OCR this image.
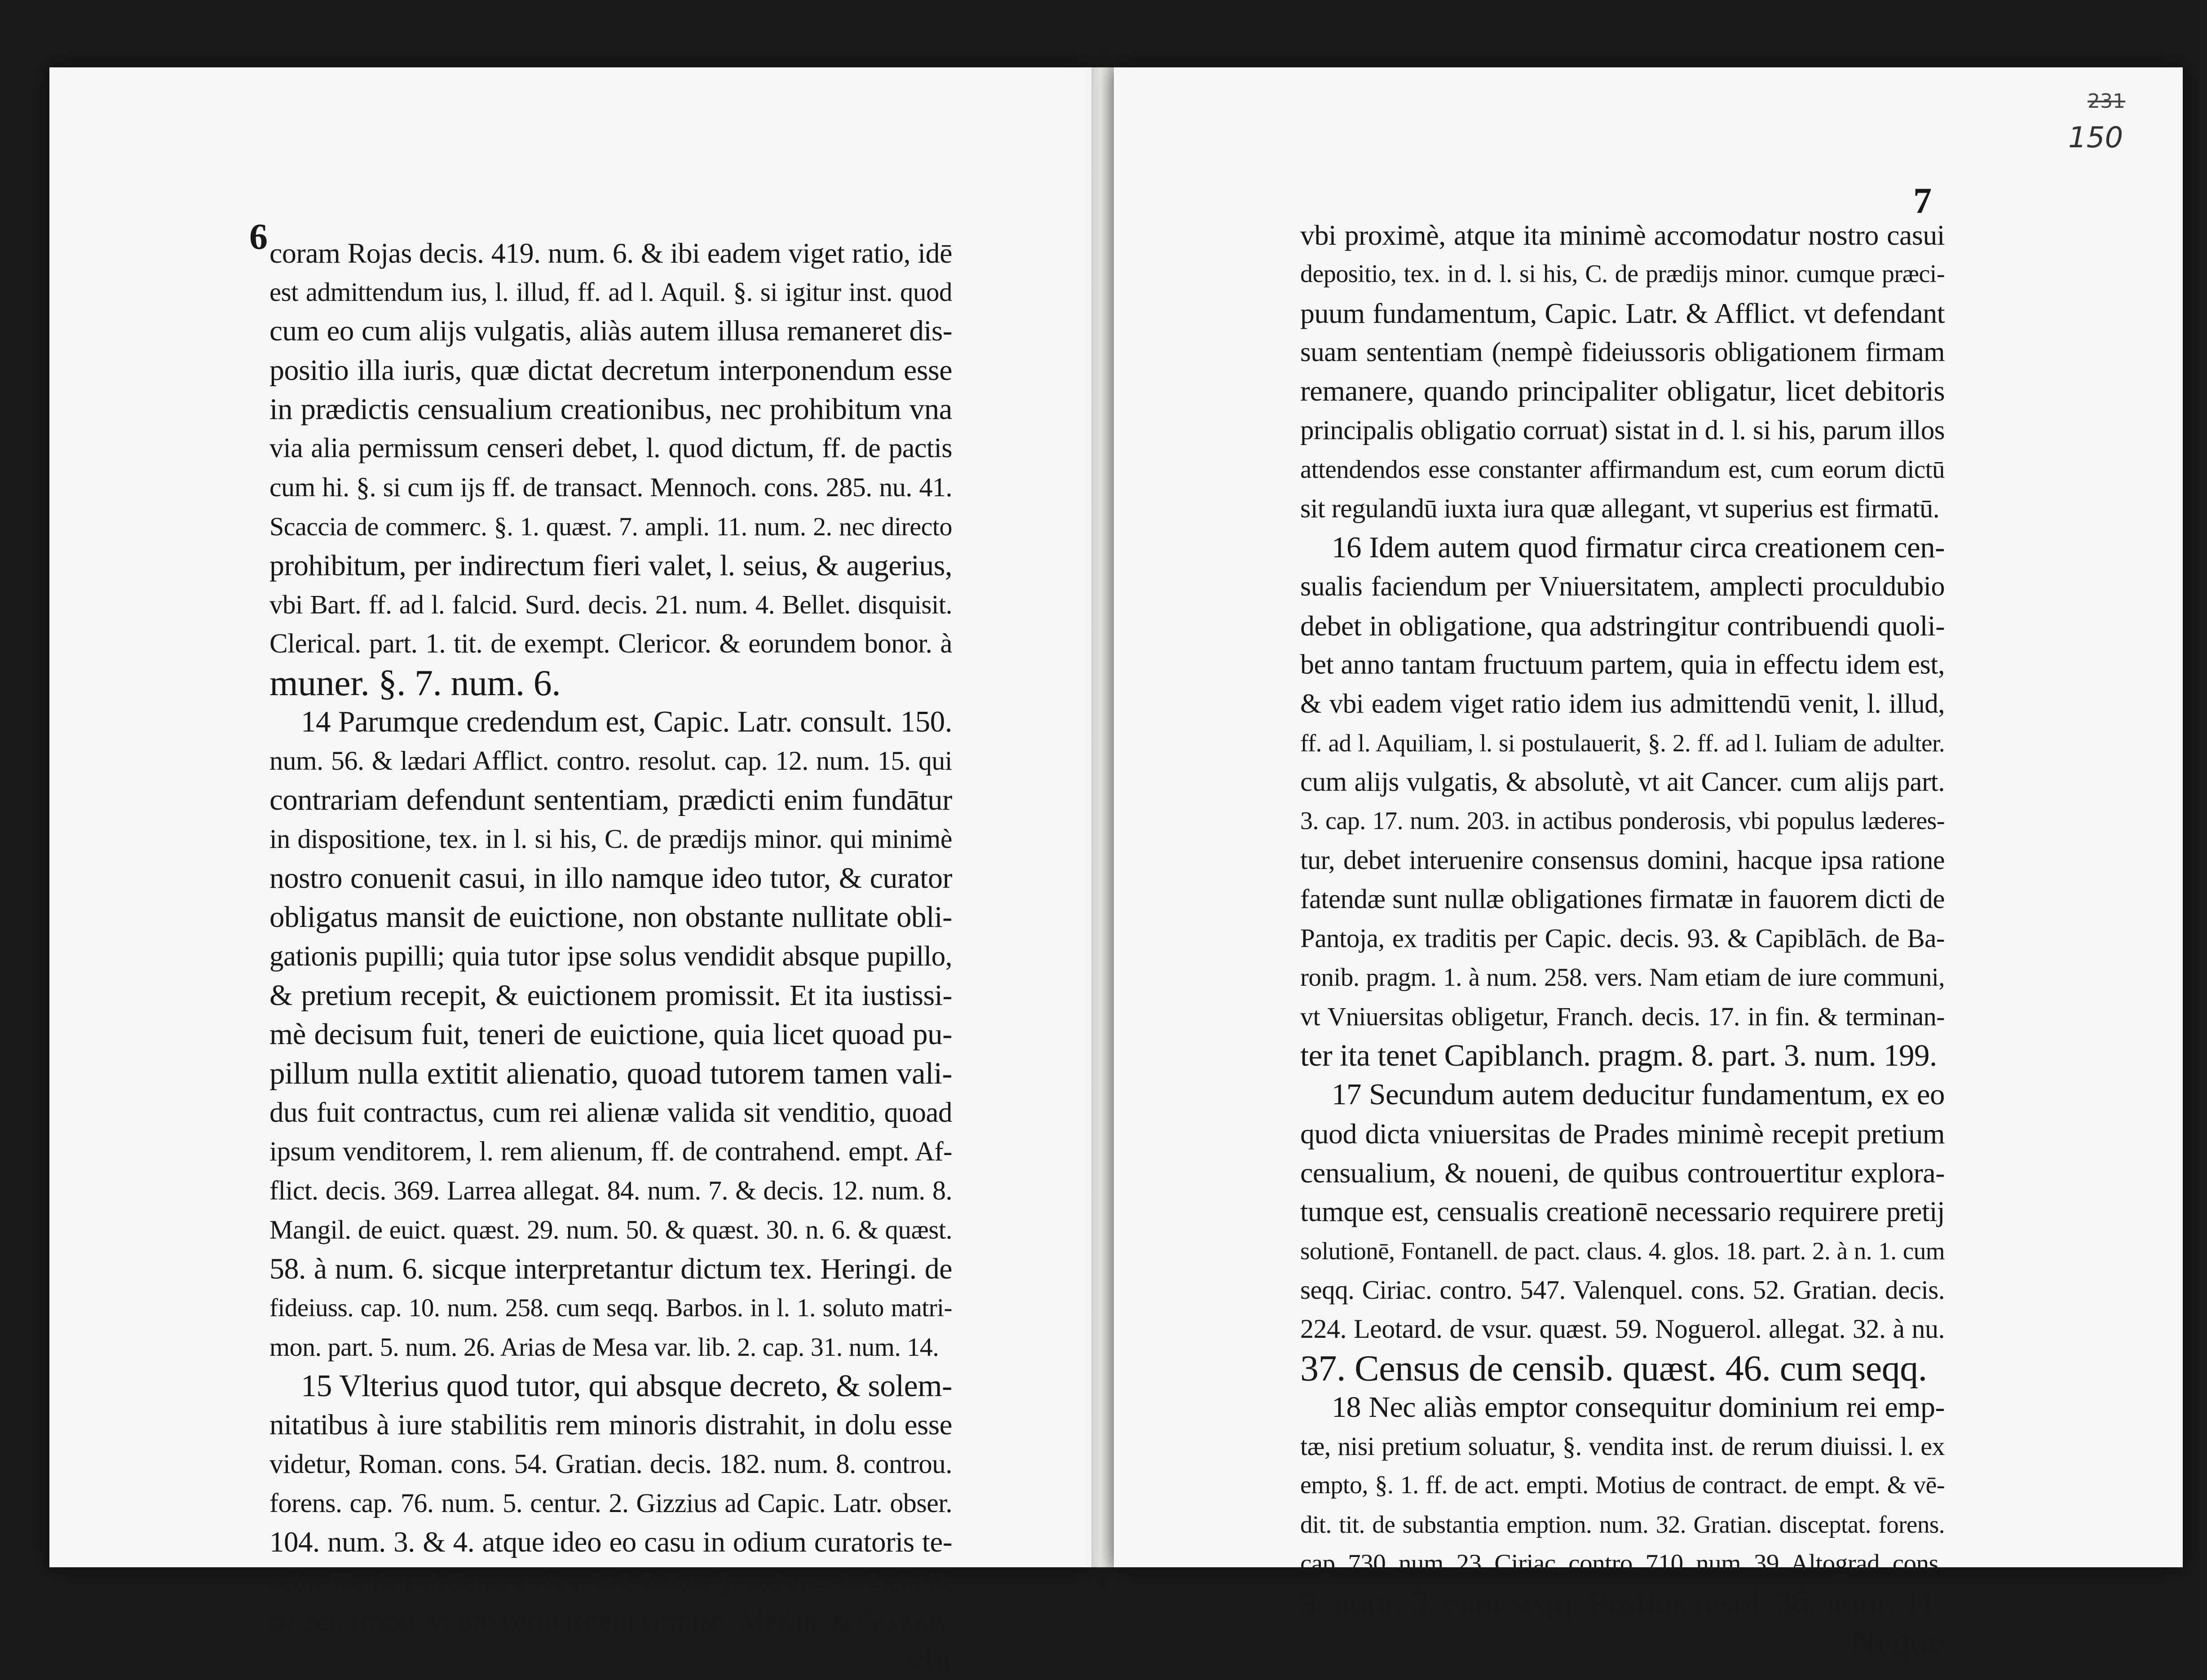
6 coram Rojas decis. 419. num. 6. & ibi eadem viget ratio, idē
est admittendum ius, l. illud, ff. ad l. Aquil. §. si igitur inst. quod
cum eo cum alijs vulgatis, aliàs autem illusa remaneret dis-
positio illa iuris, quæ dictat decretum interponendum esse
in prædictis censualium creationibus, nec prohibitum vna
via alia permissum censeri debet, l. quod dictum, ff. de pactis
cum hi. §. si cum ijs ff. de transact. Mennoch. cons. 285. nu. 41.
Scaccia de commerc. §. 1. quæst. 7. ampli. 11. num. 2. nec directo
prohibitum, per indirectum fieri valet, l. seius, & augerius,
vbi Bart. ff. ad l. falcid. Surd. decis. 21. num. 4. Bellet. disquisit.
Clerical. part. 1. tit. de exempt. Clericor. & eorundem bonor. à
muner. §. 7. num. 6.
14 Parumque credendum est, Capic. Latr. consult. 150.
num. 56. & lædari Afflict. contro. resolut. cap. 12. num. 15. qui
contrariam defendunt sententiam, prædicti enim fundātur
in dispositione, tex. in l. si his, C. de prædijs minor. qui minimè
nostro conuenit casui, in illo namque ideo tutor, & curator
obligatus mansit de euictione, non obstante nullitate obli-
gationis pupilli; quia tutor ipse solus vendidit absque pupillo,
& pretium recepit, & euictionem promissit. Et ita iustissi-
mè decisum fuit, teneri de euictione, quia licet quoad pu-
pillum nulla extitit alienatio, quoad tutorem tamen vali-
dus fuit contractus, cum rei alienæ valida sit venditio, quoad
ipsum venditorem, l. rem alienum, ff. de contrahend. empt. Af-
flict. decis. 369. Larrea allegat. 84. num. 7. & decis. 12. num. 8.
Mangil. de euict. quæst. 29. num. 50. & quæst. 30. n. 6. & quæst.
58. à num. 6. sicque interpretantur dictum tex. Heringi. de
fideiuss. cap. 10. num. 258. cum seqq. Barbos. in l. 1. soluto matri-
mon. part. 5. num. 26. Arias de Mesa var. lib. 2. cap. 31. num. 14.
15 Vlterius quod tutor, qui absque decreto, & solem-
nitatibus à iure stabilitis rem minoris distrahit, in dolu esse
videtur, Roman. cons. 54. Gratian. decis. 182. num. 8. controu.
forens. cap. 76. num. 5. centur. 2. Gizzius ad Capic. Latr. obser.
104. num. 3. & 4. atque ideo eo casu in odium curatoris te-
netur ille de euictione, ex tex. in l. Iulian. §. sed cum in facto ff.
de act. empti. vt pro certo tenent Gratian. Merlin. & Gizzius
vbi
231
150
7
vbi proximè, atque ita minimè accomodatur nostro casui
depositio, tex. in d. l. si his, C. de prædijs minor. cumque præci-
puum fundamentum, Capic. Latr. & Afflict. vt defendant
suam sententiam (nempè fideiussoris obligationem firmam
remanere, quando principaliter obligatur, licet debitoris
principalis obligatio corruat) sistat in d. l. si his, parum illos
attendendos esse constanter affirmandum est, cum eorum dictū
sit regulandū iuxta iura quæ allegant, vt superius est firmatū.
16 Idem autem quod firmatur circa creationem cen-
sualis faciendum per Vniuersitatem, amplecti proculdubio
debet in obligatione, qua adstringitur contribuendi quoli-
bet anno tantam fructuum partem, quia in effectu idem est,
& vbi eadem viget ratio idem ius admittendū venit, l. illud,
ff. ad l. Aquiliam, l. si postulauerit, §. 2. ff. ad l. Iuliam de adulter.
cum alijs vulgatis, & absolutè, vt ait Cancer. cum alijs part.
3. cap. 17. num. 203. in actibus ponderosis, vbi populus læderes-
tur, debet interuenire consensus domini, hacque ipsa ratione
fatendæ sunt nullæ obligationes firmatæ in fauorem dicti de
Pantoja, ex traditis per Capic. decis. 93. & Capiblāch. de Ba-
ronib. pragm. 1. à num. 258. vers. Nam etiam de iure communi,
vt Vniuersitas obligetur, Franch. decis. 17. in fin. & terminan-
ter ita tenet Capiblanch. pragm. 8. part. 3. num. 199.
17 Secundum autem deducitur fundamentum, ex eo
quod dicta vniuersitas de Prades minimè recepit pretium
censualium, & noueni, de quibus controuertitur explora-
tumque est, censualis creationē necessario requirere pretij
solutionē, Fontanell. de pact. claus. 4. glos. 18. part. 2. à n. 1. cum
seqq. Ciriac. contro. 547. Valenquel. cons. 52. Gratian. decis.
224. Leotard. de vsur. quæst. 59. Noguerol. allegat. 32. à nu.
37. Census de censib. quæst. 46. cum seqq.
18 Nec aliàs emptor consequitur dominium rei emp-
tæ, nisi pretium soluatur, §. vendita inst. de rerum diuissi. l. ex
empto, §. 1. ff. de act. empti. Motius de contract. de empt. & vē-
dit. tit. de substantia emption. num. 32. Gratian. disceptat. forens.
cap. 730. num. 23. Ciriac. contro. 710. num. 39. Altograd. cons.
9. num. 3. cum seqq. Postius resol. 36. num. 11.
Neque
